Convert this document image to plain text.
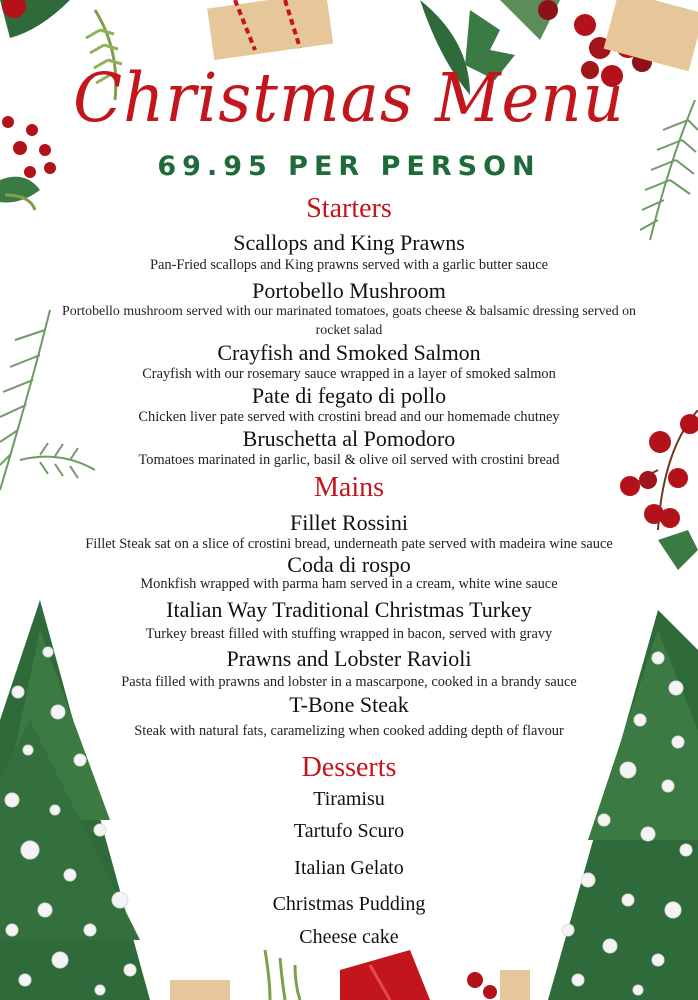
Christmas Menu
69.95 PER PERSON
Starters
Scallops and King Prawns
Pan-Fried scallops and King prawns served with a garlic butter sauce
Portobello Mushroom
Portobello mushroom served with our marinated tomatoes, goats cheese & balsamic dressing served on
rocket salad
Crayfish and Smoked Salmon
Crayfish with our rosemary sauce wrapped in a layer of smoked salmon
Pate di fegato di pollo
Chicken liver pate served with crostini bread and our homemade chutney
Bruschetta al Pomodoro
Tomatoes marinated in garlic, basil & olive oil served with crostini bread
Mains
Fillet Rossini
Fillet Steak sat on a slice of crostini bread, underneath pate served with madeira wine sauce
Coda di rospo
Monkfish wrapped with parma ham served in a cream, white wine sauce
Italian Way Traditional Christmas Turkey
Turkey breast filled with stuffing wrapped in bacon, served with gravy
Prawns and Lobster Ravioli
Pasta filled with prawns and lobster in a mascarpone, cooked in a brandy sauce
T-Bone Steak
Steak with natural fats, caramelizing when cooked adding depth of flavour
Desserts
Tiramisu
Tartufo Scuro
Italian Gelato
Christmas Pudding
Cheese cake
